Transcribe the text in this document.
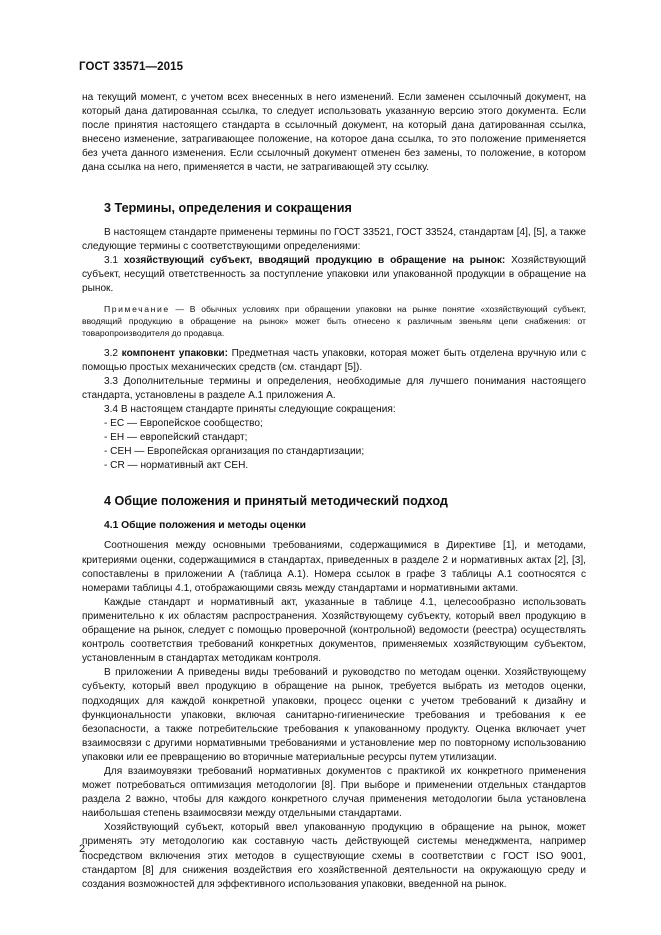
ГОСТ 33571—2015

на текущий момент, с учетом всех внесенных в него изменений. Если заменен ссылочный документ, на который дана датированная ссылка, то следует использовать указанную версию этого документа. Если после принятия настоящего стандарта в ссылочный документ, на который дана датированная ссылка, внесено изменение, затрагивающее положение, на которое дана ссылка, то это положение применяется без учета данного изменения. Если ссылочный документ отменен без замены, то положение, в котором дана ссылка на него, применяется в части, не затрагивающей эту ссылку.

3 Термины, определения и сокращения

В настоящем стандарте применены термины по ГОСТ 33521, ГОСТ 33524, стандартам [4], [5], а также следующие термины с соответствующими определениями:

3.1 хозяйствующий субъект, вводящий продукцию в обращение на рынок: Хозяйствующий субъект, несущий ответственность за поступление упаковки или упакованной продукции в обращение на рынок.

Примечание — В обычных условиях при обращении упаковки на рынке понятие «хозяйствующий субъект, вводящий продукцию в обращение на рынок» может быть отнесено к различным звеньям цепи снабжения: от товаропроизводителя до продавца.

3.2 компонент упаковки: Предметная часть упаковки, которая может быть отделена вручную или с помощью простых механических средств (см. стандарт [5]).

3.3 Дополнительные термины и определения, необходимые для лучшего понимания настоящего стандарта, установлены в разделе А.1 приложения А.

3.4 В настоящем стандарте приняты следующие сокращения:

- ЕС — Европейское сообщество;

- ЕН — европейский стандарт;

- СЕН — Европейская организация по стандартизации;

- CR — нормативный акт СЕН.

4 Общие положения и принятый методический подход
4.1 Общие положения и методы оценки

Соотношения между основными требованиями, содержащимися в Директиве [1], и методами, критериями оценки, содержащимися в стандартах, приведенных в разделе 2 и нормативных актах [2], [3], сопоставлены в приложении А (таблица А.1). Номера ссылок в графе 3 таблицы А.1 соотносятся с номерами таблицы 4.1, отображающими связь между стандартами и нормативными актами.

Каждые стандарт и нормативный акт, указанные в таблице 4.1, целесообразно использовать применительно к их областям распространения. Хозяйствующему субъекту, который ввел продукцию в обращение на рынок, следует с помощью проверочной (контрольной) ведомости (реестра) осуществлять контроль соответствия требований конкретных документов, применяемых хозяйствующим субъектом, установленным в стандартах методикам контроля.

В приложении А приведены виды требований и руководство по методам оценки. Хозяйствующему субъекту, который ввел продукцию в обращение на рынок, требуется выбрать из методов оценки, подходящих для каждой конкретной упаковки, процесс оценки с учетом требований к дизайну и функциональности упаковки, включая санитарно-гигиенические требования и требования к ее безопасности, а также потребительские требования к упакованному продукту. Оценка включает учет взаимосвязи с другими нормативными требованиями и установление мер по повторному использованию упаковки или ее превращению во вторичные материальные ресурсы путем утилизации.

Для взаимоувязки требований нормативных документов с практикой их конкретного применения может потребоваться оптимизация методологии [8]. При выборе и применении отдельных стандартов раздела 2 важно, чтобы для каждого конкретного случая применения методологии была установлена наибольшая степень взаимосвязи между отдельными стандартами.

Хозяйствующий субъект, который ввел упакованную продукцию в обращение на рынок, может применять эту методологию как составную часть действующей системы менеджмента, например посредством включения этих методов в существующие схемы в соответствии с ГОСТ ISO 9001, стандартом [8] для снижения воздействия его хозяйственной деятельности на окружающую среду и создания возможностей для эффективного использования упаковки, введенной на рынок.

2
